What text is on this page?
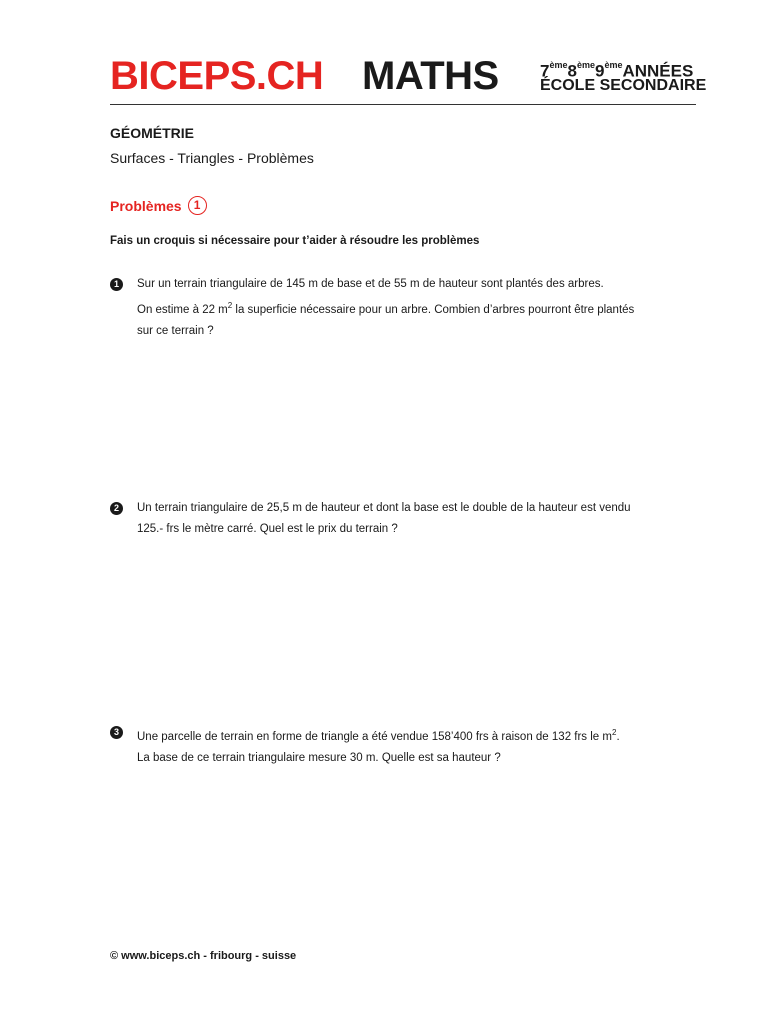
BICEPS.CH MATHS 7ème8ème9èmeANNÉES
ÉCOLE SECONDAIRE
GÉOMÉTRIE
Surfaces - Triangles - Problèmes
Problèmes	1
Fais un croquis si nécessaire pour t’aider à résoudre les problèmes
1	Sur un terrain triangulaire de 145 m de base et de 55 m de hauteur sont plantés des arbres.

On estime à 22 $m^2$ la superficie nécessaire pour un arbre. Combien d’arbres pourront être plantés

sur ce terrain ?

2	Un terrain triangulaire de 25,5 m de hauteur et dont la base est le double de la hauteur est vendu

125.- frs le mètre carré. Quel est le prix du terrain ?

3	Une parcelle de terrain en forme de triangle a été vendue 158’400 frs à raison de 132 frs le $m^2$.

La base de ce terrain triangulaire mesure 30 m. Quelle est sa hauteur ?

© www.biceps.ch - fribourg - suisse
